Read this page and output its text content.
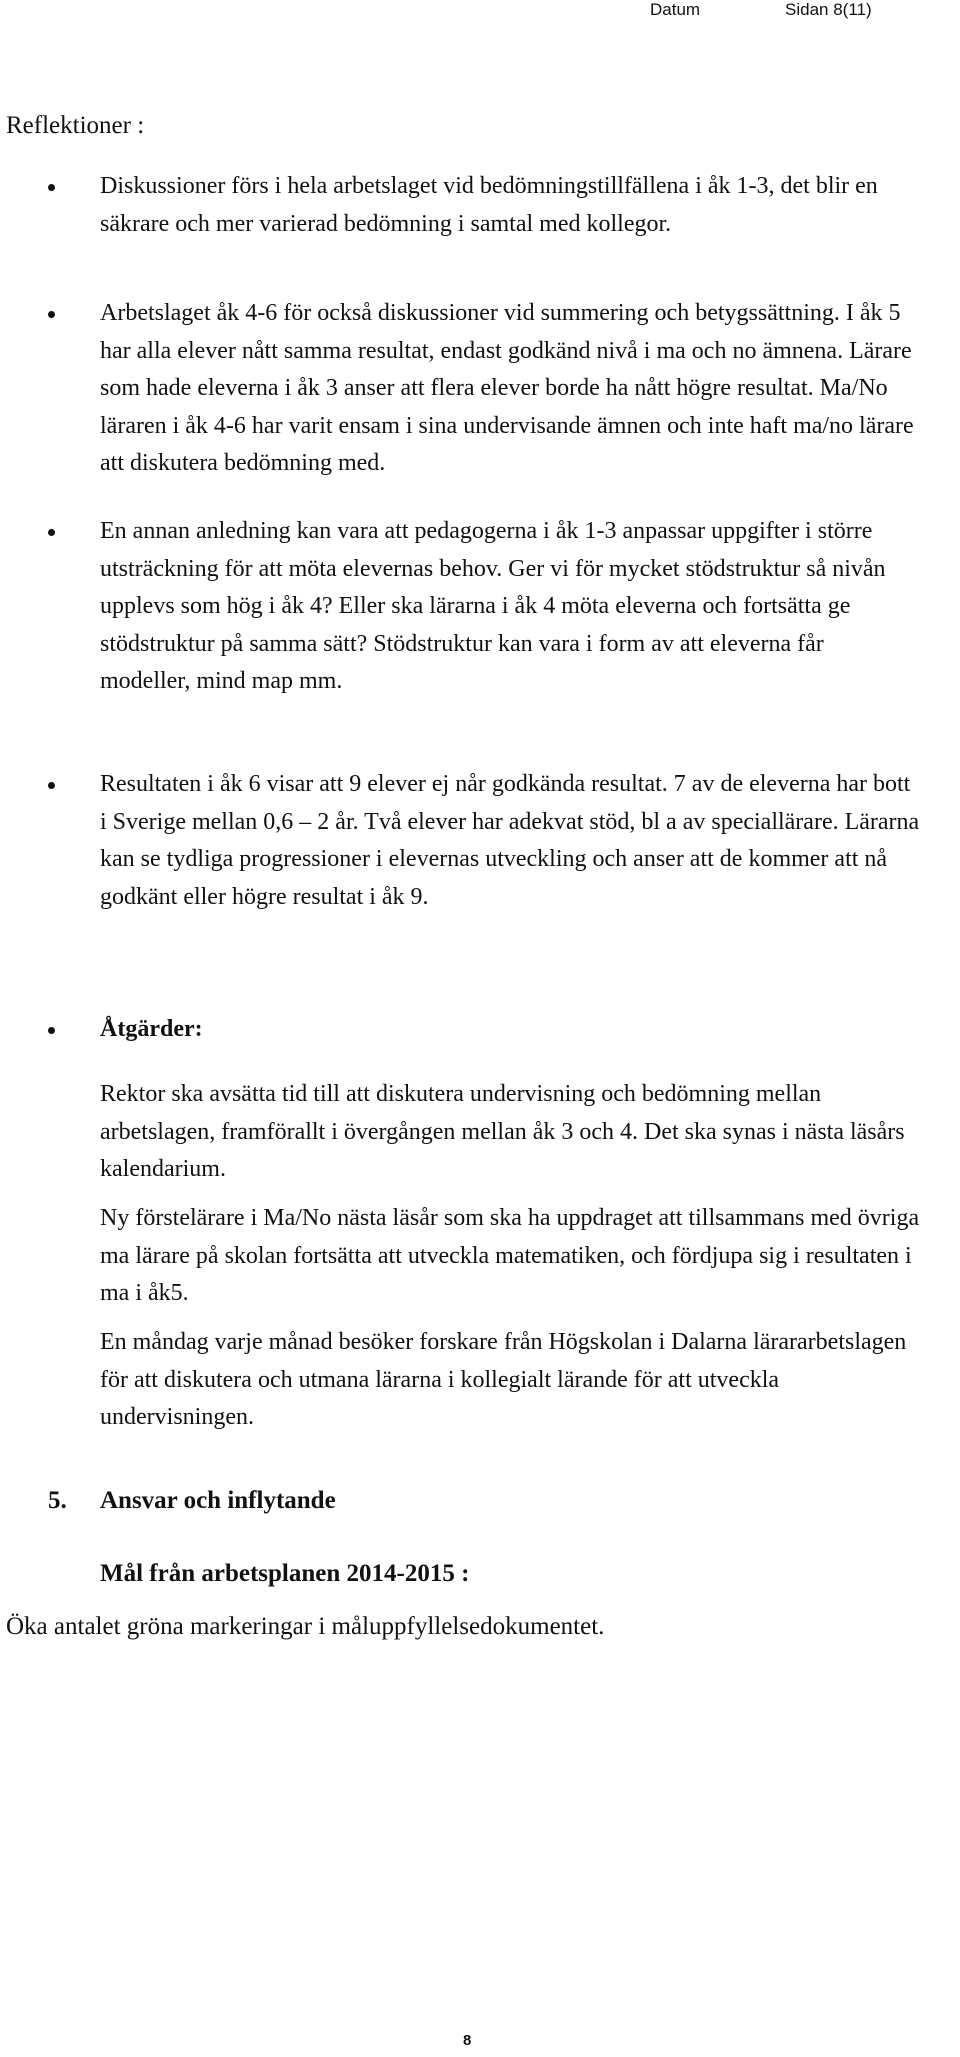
Datum	Sidan 8(11)
Reflektioner :
Diskussioner förs i hela arbetslaget vid bedömningstillfällena i åk 1-3, det blir en säkrare och mer varierad bedömning i samtal med kollegor.
Arbetslaget åk 4-6 för också diskussioner vid summering och betygssättning. I åk 5 har alla elever nått samma resultat, endast godkänd nivå i ma och no ämnena. Lärare som hade eleverna i åk 3 anser att flera elever borde ha nått högre resultat. Ma/No läraren i åk 4-6 har varit ensam i sina undervisande ämnen och inte haft ma/no lärare att diskutera bedömning med.
En annan anledning kan vara att pedagogerna i åk 1-3 anpassar uppgifter i större utsträckning för att möta elevernas behov. Ger vi för mycket stödstruktur så nivån upplevs som hög i åk 4? Eller ska lärarna i åk 4 möta eleverna och fortsätta ge stödstruktur på samma sätt? Stödstruktur kan vara i form av att eleverna får modeller, mind map mm.
Resultaten i åk 6 visar att 9 elever ej når godkända resultat. 7 av de eleverna har bott i Sverige mellan 0,6 – 2 år. Två elever har adekvat stöd, bl a av speciallärare. Lärarna kan se tydliga progressioner i elevernas utveckling och anser att de kommer att nå godkänt eller högre resultat i åk 9.
Åtgärder:
Rektor ska avsätta tid till att diskutera undervisning och bedömning mellan arbetslagen, framförallt i övergången mellan åk 3 och 4. Det ska synas i nästa läsårs kalendarium.
Ny förstelärare i Ma/No nästa läsår som ska ha uppdraget att tillsammans med övriga ma lärare på skolan fortsätta att utveckla matematiken, och fördjupa sig i resultaten i ma i åk5.
En måndag varje månad besöker forskare från Högskolan i Dalarna lärararbetslagen för att diskutera och utmana lärarna i kollegialt lärande för att utveckla undervisningen.
5. Ansvar och inflytande
Mål från arbetsplanen 2014-2015 :
Öka antalet gröna markeringar i måluppfyllelsedokumentet.
8
